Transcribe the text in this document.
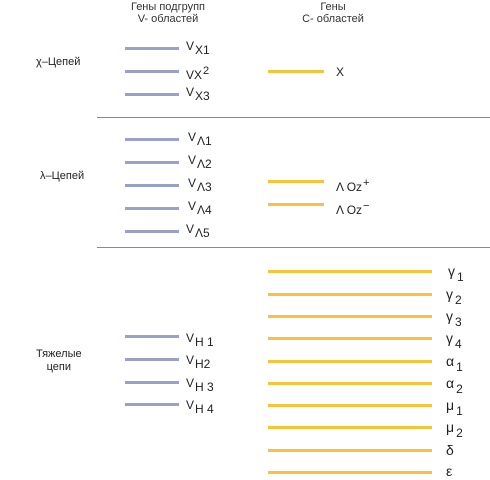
Гены подгрупп
V- областей
Гены
C- областей
χ–Цепей
λ–Цепей
Тяжелые
цепи
$V_{X1}$
$VX^2$
$V_{X3}$
X
$V_{\Lambda 1}$
$V_{\Lambda 2}$
$V_{\Lambda 3}$
$V_{\Lambda 4}$
$V_{\Lambda 5}$
Λ Oz+
Λ Oz−
$V_{H 1}$
$V_{H2}$
$V_{H 3}$
$V_{H 4}$
γ $_1$
γ $_2$
γ $_3$
γ $_4$
α $_1$
α $_2$
μ $_1$
μ $_2$
δ
ε
